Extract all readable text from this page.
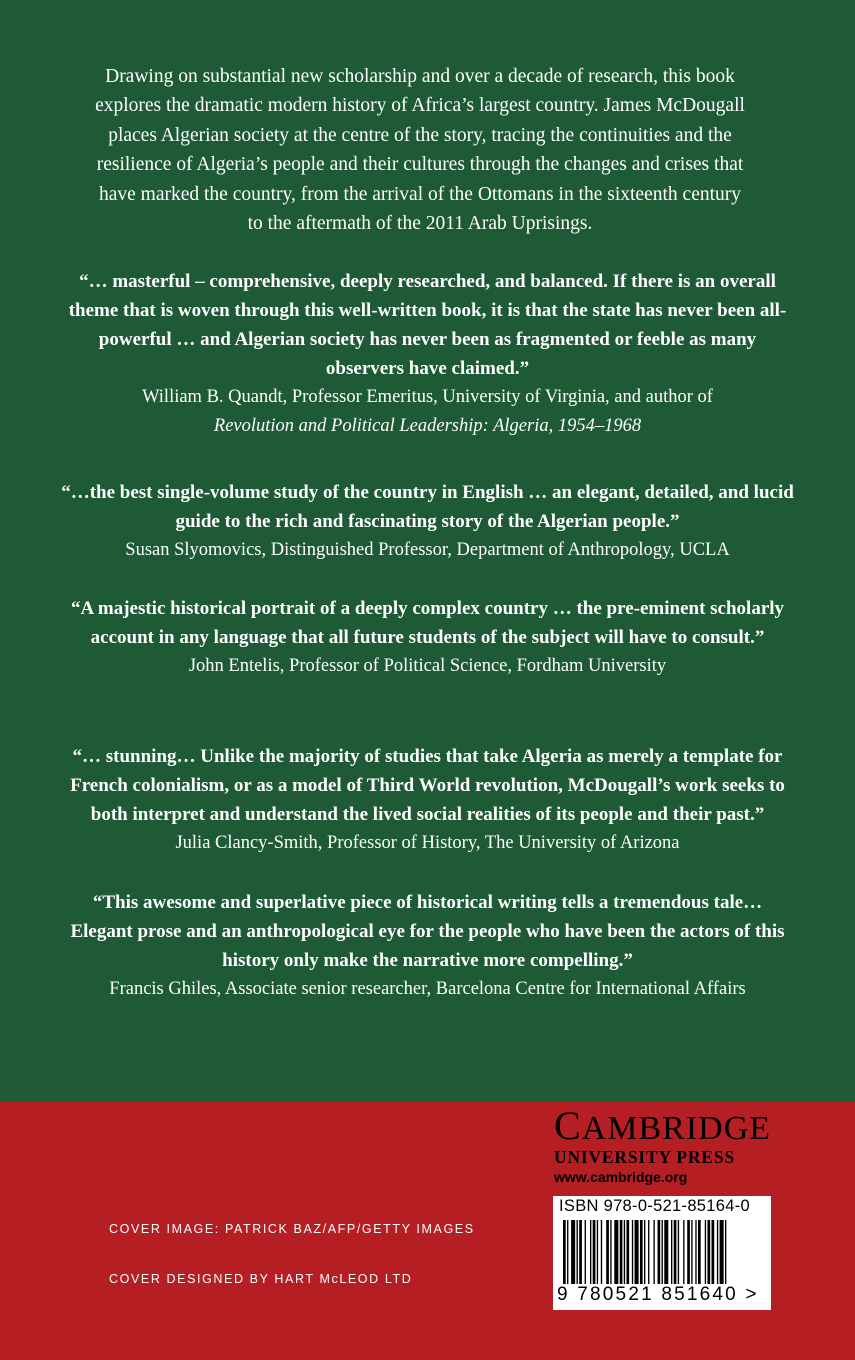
Drawing on substantial new scholarship and over a decade of research, this book explores the dramatic modern history of Africa’s largest country. James McDougall places Algerian society at the centre of the story, tracing the continuities and the resilience of Algeria’s people and their cultures through the changes and crises that have marked the country, from the arrival of the Ottomans in the sixteenth century to the aftermath of the 2011 Arab Uprisings.

“… masterful – comprehensive, deeply researched, and balanced. If there is an overall theme that is woven through this well-written book, it is that the state has never been all-powerful … and Algerian society has never been as fragmented or feeble as many observers have claimed.”
William B. Quandt, Professor Emeritus, University of Virginia, and author of
Revolution and Political Leadership: Algeria, 1954–1968

“…the best single-volume study of the country in English … an elegant, detailed, and lucid guide to the rich and fascinating story of the Algerian people.”
Susan Slyomovics, Distinguished Professor, Department of Anthropology, UCLA

“A majestic historical portrait of a deeply complex country … the pre-eminent scholarly account in any language that all future students of the subject will have to consult.”
John Entelis, Professor of Political Science, Fordham University

“… stunning… Unlike the majority of studies that take Algeria as merely a template for French colonialism, or as a model of Third World revolution, McDougall’s work seeks to both interpret and understand the lived social realities of its people and their past.”
Julia Clancy-Smith, Professor of History, The University of Arizona

“This awesome and superlative piece of historical writing tells a tremendous tale… Elegant prose and an anthropological eye for the people who have been the actors of this history only make the narrative more compelling.”
Francis Ghiles, Associate senior researcher, Barcelona Centre for International Affairs

COVER IMAGE: PATRICK BAZ/AFP/GETTY IMAGES

COVER DESIGNED BY HART McLEOD LTD

CAMBRIDGE
UNIVERSITY PRESS
www.cambridge.org
ISBN 978-0-521-85164-0
9 780521 851640 >
